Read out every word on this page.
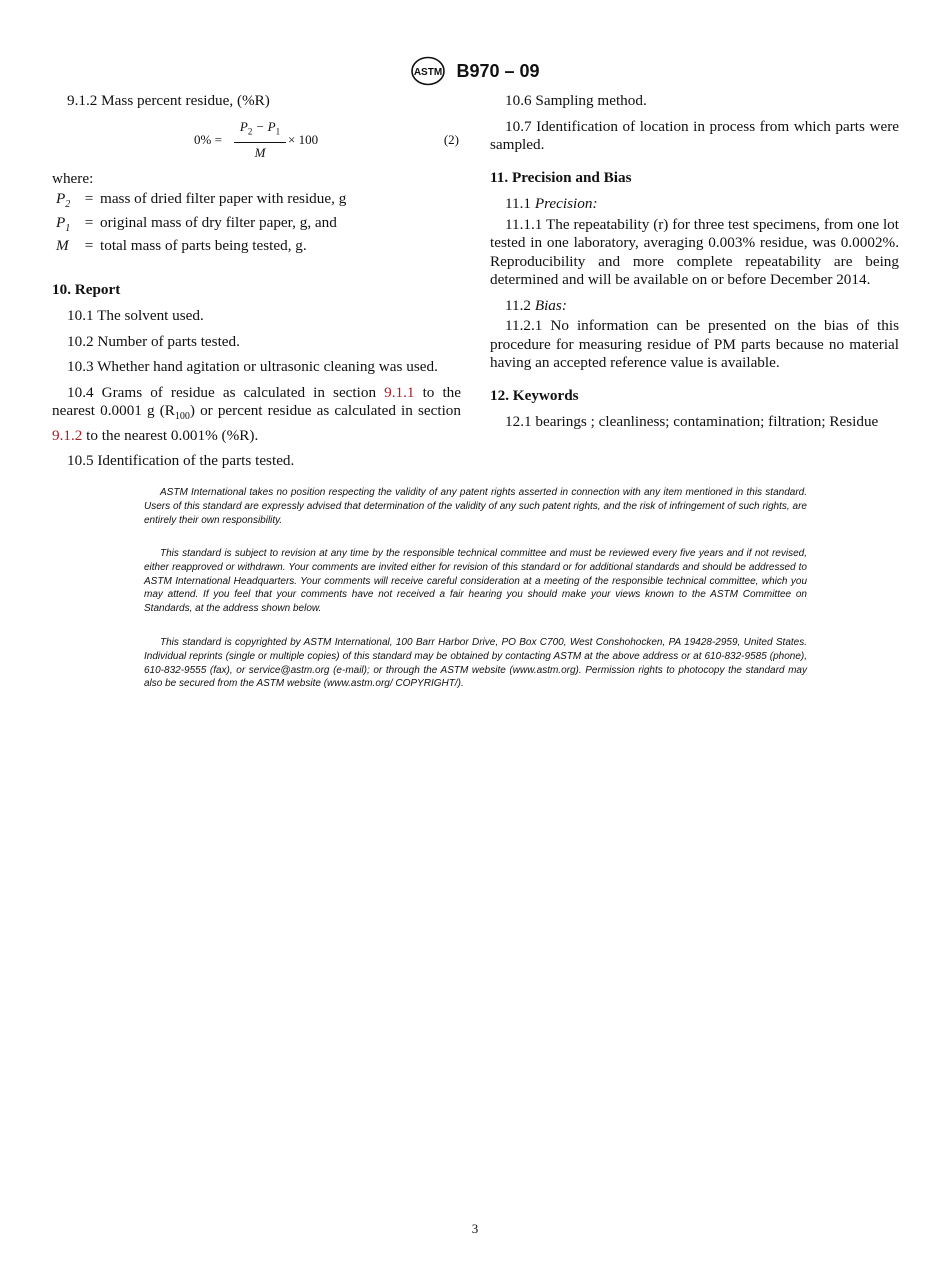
ASTM B970 – 09

9.1.2 Mass percent residue, (%R)

$0\% = \frac{P_2 - P_1}{M} \times 100$	(2)

where:

$P_2$ = mass of dried filter paper with residue, g
$P_1$ = original mass of dry filter paper, g, and
M	= total mass of parts being tested, g.

10. Report

10.1 The solvent used.

10.2 Number of parts tested.

10.3 Whether hand agitation or ultrasonic cleaning was used.

10.4 Grams of residue as calculated in section 9.1.1 to the nearest 0.0001 g $(R_{100})$ or percent residue as calculated in section 9.1.2 to the nearest 0.001% (%R).

10.5 Identification of the parts tested.

10.6 Sampling method.

10.7 Identification of location in process from which parts were sampled.

11. Precision and Bias

11.1 Precision:

11.1.1 The repeatability (r) for three test specimens, from one lot tested in one laboratory, averaging 0.003% residue, was 0.0002%. Reproducibility and more complete repeatability are being determined and will be available on or before December 2014.

11.2 Bias:

11.2.1 No information can be presented on the bias of this procedure for measuring residue of PM parts because no material having an accepted reference value is available.

12. Keywords

12.1 bearings ; cleanliness; contamination; filtration; Residue

ASTM International takes no position respecting the validity of any patent rights asserted in connection with any item mentioned in this standard. Users of this standard are expressly advised that determination of the validity of any such patent rights, and the risk of infringement of such rights, are entirely their own responsibility.

This standard is subject to revision at any time by the responsible technical committee and must be reviewed every five years and if not revised, either reapproved or withdrawn. Your comments are invited either for revision of this standard or for additional standards and should be addressed to ASTM International Headquarters. Your comments will receive careful consideration at a meeting of the responsible technical committee, which you may attend. If you feel that your comments have not received a fair hearing you should make your views known to the ASTM Committee on Standards, at the address shown below.

This standard is copyrighted by ASTM International, 100 Barr Harbor Drive, PO Box C700, West Conshohocken, PA 19428-2959, United States. Individual reprints (single or multiple copies) of this standard may be obtained by contacting ASTM at the above address or at 610-832-9585 (phone), 610-832-9555 (fax), or service@astm.org (e-mail); or through the ASTM website (www.astm.org). Permission rights to photocopy the standard may also be secured from the ASTM website (www.astm.org/ COPYRIGHT/).

3
